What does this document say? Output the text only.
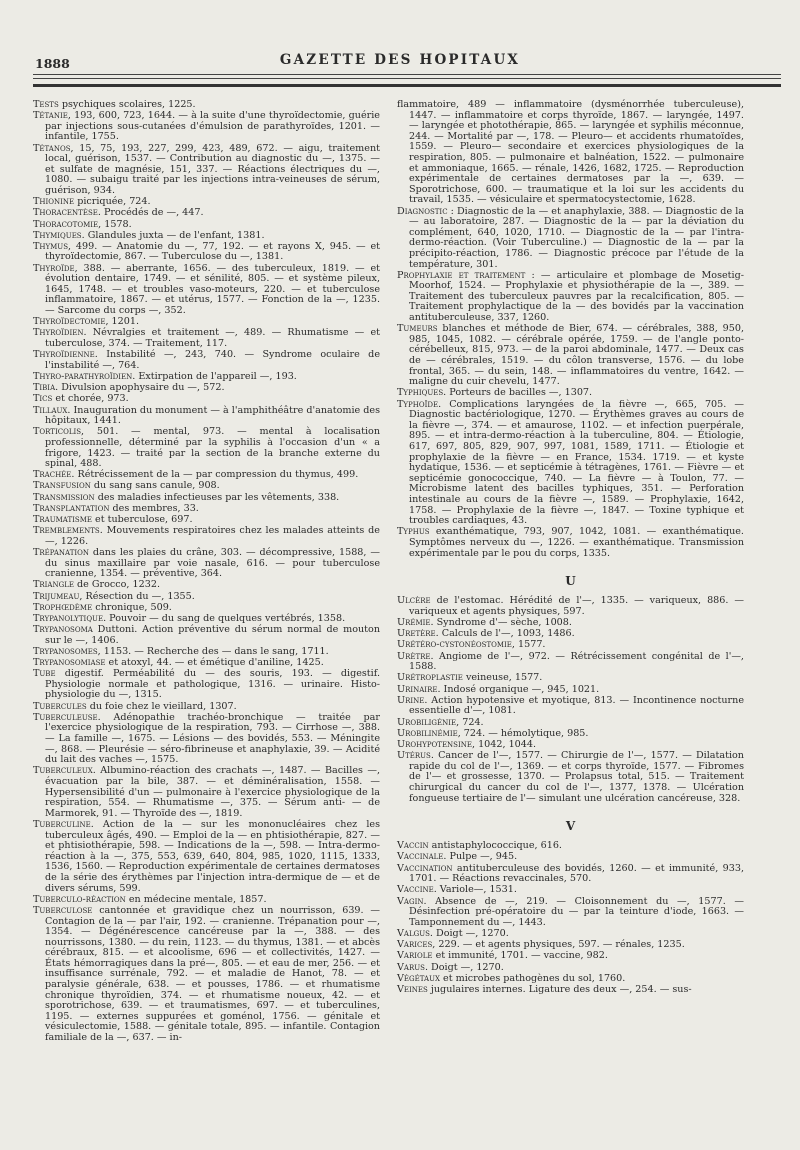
1888	GAZETTE DES HOPITAUX
Tests psychiques scolaires, 1225.
Tétanie, 193, 600, 723, 1644. — à la suite d'une thyroïdectomie, guérie par injections sous-cutanées d'émulsion de parathyroïdes, 1201. — infantile, 1755.
Tétanos, 15, 75, 193, 227, 299, 423, 489, 672. — aigu, traitement local, guérison, 1537. — Contribution au diagnostic du —, 1375. — et sulfate de magnésie, 151, 337. — Réactions électriques du —, 1080. — subaigu traité par les injections intra-veineuses de sérum, guérison, 934.
Thionine picriquée, 724.
Thoracentèse. Procédés de —, 447.
Thoracotomie, 1578.
Thymiques. Glandules juxta — de l'enfant, 1381.
Thymus, 499. — Anatomie du —, 77, 192. — et rayons X, 945. — et thyroïdectomie, 867. — Tuberculose du —, 1381.
Thyroïde, 388. — aberrante, 1656. — des tuberculeux, 1819. — et évolution dentaire, 1749. — et sénilité, 805. — et système pileux, 1645, 1748. — et troubles vaso-moteurs, 220. — et tuberculose inflammatoire, 1867. — et utérus, 1577. — Fonction de la —, 1235. — Sarcome du corps —, 352.
Thyroïdectomie, 1201.
Thyroïdien. Névralgies et traitement —, 489. — Rhumatisme — et tuberculose, 374. — Traitement, 117.
Thyroïdienne. Instabilité —, 243, 740. — Syndrome oculaire de l'instabilité —, 764.
Thyro-parathyroïdien. Extirpation de l'appareil —, 193.
Tibia. Divulsion apophysaire du —, 572.
Tics et chorée, 973.
Tillaux. Inauguration du monument — à l'amphithéâtre d'anatomie des hôpitaux, 1441.
Torticolis, 501. — mental, 973. — mental à localisation professionnelle, déterminé par la syphilis à l'occasion d'un « a frigore, 1423. — traité par la section de la branche externe du spinal, 488.
Trachée. Rétrécissement de la — par compression du thymus, 499.
Transfusion du sang sans canule, 908.
Transmission des maladies infectieuses par les vêtements, 338.
Transplantation des membres, 33.
Traumatisme et tuberculose, 697.
Tremblements. Mouvements respiratoires chez les malades atteints de —, 1226.
Trépanation dans les plaies du crâne, 303. — décompressive, 1588, — du sinus maxillaire par voie nasale, 616. — pour tuberculose cranienne, 1354. — préventive, 364.
Triangle de Grocco, 1232.
Trijumeau, Résection du —, 1355.
Trophœdème chronique, 509.
Trypanolytique. Pouvoir — du sang de quelques vertébrés, 1358.
Trypanosoma Duttoni. Action préventive du sérum normal de mouton sur le —, 1406.
Trypanosomes, 1153. — Recherche des — dans le sang, 1711.
Trypanosomiase et atoxyl, 44. — et émétique d'aniline, 1425.
Tube digestif. Perméabilité du — des souris, 193. — digestif. Physiologie normale et pathologique, 1316. — urinaire. Histo-physiologie du —, 1315.
Tubercules du foie chez le vieillard, 1307.
Tuberculeuse. Adénopathie trachéo-bronchique — traitée par l'exercice physiologique de la respiration, 793. — Cirrhose —, 388. — La famille —, 1675. — Lésions — des bovidés, 553. — Méningite —, 868. — Pleurésie — séro-fibrineuse et anaphylaxie, 39. — Acidité du lait des vaches —, 1575.
Tuberculeux. Albumino-réaction des crachats —, 1487. — Bacilles —, évacuation par la bile, 387. — et déminéralisation, 1558. — Hypersensibilité d'un — pulmonaire à l'exercice physiologique de la respiration, 554. — Rhumatisme —, 375. — Sérum anti- — de Marmorek, 91. — Thyroïde des —, 1819.
Tuberculine. Action de la — sur les mononucléaires chez les tuberculeux âgés, 490. — Emploi de la — en phtisiothérapie, 827. — et phtisiothérapie, 598. — Indications de la —, 598. — Intra-dermo-réaction à la —, 375, 553, 639, 640, 804, 985, 1020, 1115, 1333, 1536, 1560. — Reproduction expérimentale de certaines dermatoses de la série des érythèmes par l'injection intra-dermique de — et de divers sérums, 599.
Tuberculo-réaction en médecine mentale, 1857.
Tuberculose cantonnée et gravidique chez un nourrisson, 639. — Contagion de la — par l'air, 192. — cranienne. Trépanation pour —, 1354. — Dégénérescence cancéreuse par la —, 388. — des nourrissons, 1380. — du rein, 1123. — du thymus, 1381. — et abcès cérébraux, 815. — et alcoolisme, 696 — et collectivités, 1427. — États hémorragiques dans la pré—, 805. — et eau de mer, 256. — et insuffisance surrénale, 792. — et maladie de Hanot, 78. — et paralysie générale, 638. — et pousses, 1786. — et rhumatisme chronique thyroïdien, 374. — et rhumatisme noueux, 42. — et sporotrichose, 639. — et traumatismes, 697. — et tuberculines, 1195. — externes suppurées et goménol, 1756. — génitale et vésiculectomie, 1588. — génitale totale, 895. — infantile. Contagion familiale de la —, 637. — in-
flammatoire, 489 — inflammatoire (dysménorrhée tuberculeuse), 1447. — inflammatoire et corps thyroïde, 1867. — laryngée, 1497. — laryngée et photothérapie, 865. — laryngée et syphilis méconnue, 244. — Mortalité par —, 178. — Pleuro— et accidents rhumatoïdes, 1559. — Pleuro— secondaire et exercices physiologiques de la respiration, 805. — pulmonaire et balnéation, 1522. — pulmonaire et ammoniaque, 1665. — rénale, 1426, 1682, 1725. — Reproduction expérimentale de certaines dermatoses par la —, 639. — Sporotrichose, 600. — traumatique et la loi sur les accidents du travail, 1535. — vésiculaire et spermatocystectomie, 1628.
Diagnostic : Diagnostic de la — et anaphylaxie, 388. — Diagnostic de la — au laboratoire, 287. — Diagnostic de la — par la déviation du complément, 640, 1020, 1710. — Diagnostic de la — par l'intra-dermo-réaction. (Voir Tuberculine.) — Diagnostic de la — par la précipito-réaction, 1786. — Diagnostic précoce par l'étude de la température, 301.
Prophylaxie et traitement : — articulaire et plombage de Mosetig-Moorhof, 1524. — Prophylaxie et physiothérapie de la —, 389. — Traitement des tuberculeux pauvres par la recalcification, 805. — Traitement prophylactique de la — des bovidés par la vaccination antituberculeuse, 337, 1260.
Tumeurs blanches et méthode de Bier, 674. — cérébrales, 388, 950, 985, 1045, 1082. — cérébrale opérée, 1759. — de l'angle ponto-cérébelleux, 815, 973. — de la paroi abdominale, 1477. — Deux cas de — cérébrales, 1519. — du côlon transverse, 1576. — du lobe frontal, 365. — du sein, 148. — inflammatoires du ventre, 1642. — maligne du cuir chevelu, 1477.
Typhiques. Porteurs de bacilles —, 1307.
Typhoïde. Complications laryngées de la fièvre —, 665, 705. — Diagnostic bactériologique, 1270. — Érythèmes graves au cours de la fièvre —, 374. — et amaurose, 1102. — et infection puerpérale, 895. — et intra-dermo-réaction à la tuberculine, 804. — Étiologie, 617, 697, 805, 829, 907, 997, 1081, 1589, 1711. — Étiologie et prophylaxie de la fièvre — en France, 1534. 1719. — et kyste hydatique, 1536. — et septicémie à tétragènes, 1761. — Fièvre — et septicémie gonococcique, 740. — La fièvre — à Toulon, 77. — Microbisme latent des bacilles typhiques, 351. — Perforation intestinale au cours de la fièvre —, 1589. — Prophylaxie, 1642, 1758. — Prophylaxie de la fièvre —, 1847. — Toxine typhique et troubles cardiaques, 43.
Typhus exanthématique, 793, 907, 1042, 1081. — exanthématique. Symptômes nerveux du —, 1226. — exanthématique. Transmission expérimentale par le pou du corps, 1335.
U
Ulcère de l'estomac. Hérédité de l'—, 1335. — variqueux, 886. — variqueux et agents physiques, 597.
Urémie. Syndrome d'— sèche, 1008.
Uretère. Calculs de l'—, 1093, 1486.
Urétéro-cystonéostomie, 1577.
Urètre. Angiome de l'—, 972. — Rétrécissement congénital de l'—, 1588.
Urétroplastie veineuse, 1577.
Urinaire. Indosé organique —, 945, 1021.
Urine. Action hypotensive et myotique, 813. — Incontinence nocturne essentielle d'—, 1081.
Urobiligénie, 724.
Urobilinémie, 724. — hémolytique, 985.
Urohypotensine, 1042, 1044.
Utérus. Cancer de l'—, 1577. — Chirurgie de l'—, 1577. — Dilatation rapide du col de l'—, 1369. — et corps thyroïde, 1577. — Fibromes de l'— et grossesse, 1370. — Prolapsus total, 515. — Traitement chirurgical du cancer du col de l'—, 1377, 1378. — Ulcération fongueuse tertiaire de l'— simulant une ulcération cancéreuse, 328.
V
Vaccin antistaphylococcique, 616.
Vaccinale. Pulpe —, 945.
Vaccination antituberculeuse des bovidés, 1260. — et immunité, 933, 1701. — Réactions revaccinales, 570.
Vaccine. Variole—, 1531.
Vagin. Absence de —, 219. — Cloisonnement du —, 1577. — Désinfection pré-opératoire du — par la teinture d'iode, 1663. — Tamponnement du —, 1443.
Valgus. Doigt —, 1270.
Varices, 229. — et agents physiques, 597. — rénales, 1235.
Variole et immunité, 1701. — vaccine, 982.
Varus. Doigt —, 1270.
Végétaux et microbes pathogènes du sol, 1760.
Veines jugulaires internes. Ligature des deux —, 254. — sus-
